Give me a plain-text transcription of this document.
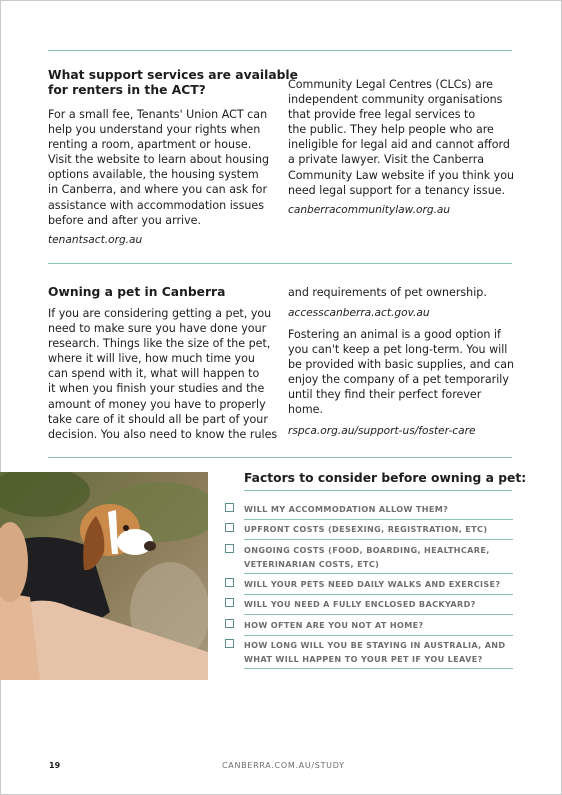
What support services are available
for renters in the ACT?
For a small fee, Tenants' Union ACT can
help you understand your rights when
renting a room, apartment or house.
Visit the website to learn about housing
options available, the housing system
in Canberra, and where you can ask for
assistance with accommodation issues
before and after you arrive.
tenantsact.org.au
Community Legal Centres (CLCs) are
independent community organisations
that provide free legal services to
the public. They help people who are
ineligible for legal aid and cannot afford
a private lawyer. Visit the Canberra
Community Law website if you think you
need legal support for a tenancy issue.
canberracommunitylaw.org.au
Owning a pet in Canberra
If you are considering getting a pet, you
need to make sure you have done your
research. Things like the size of the pet,
where it will live, how much time you
can spend with it, what will happen to
it when you finish your studies and the
amount of money you have to properly
take care of it should all be part of your
decision. You also need to know the rules
and requirements of pet ownership.
accesscanberra.act.gov.au
Fostering an animal is a good option if
you can't keep a pet long-term. You will
be provided with basic supplies, and can
enjoy the company of a pet temporarily
until they find their perfect forever
home.
rspca.org.au/support-us/foster-care
Factors to consider before owning a pet:
WILL MY ACCOMMODATION ALLOW THEM?
UPFRONT COSTS (DESEXING, REGISTRATION, ETC)
ONGOING COSTS (FOOD, BOARDING, HEALTHCARE,
VETERINARIAN COSTS, ETC)
WILL YOUR PETS NEED DAILY WALKS AND EXERCISE?
WILL YOU NEED A FULLY ENCLOSED BACKYARD?
HOW OFTEN ARE YOU NOT AT HOME?
HOW LONG WILL YOU BE STAYING IN AUSTRALIA, AND
WHAT WILL HAPPEN TO YOUR PET IF YOU LEAVE?
19	CANBERRA.COM.AU/STUDY
